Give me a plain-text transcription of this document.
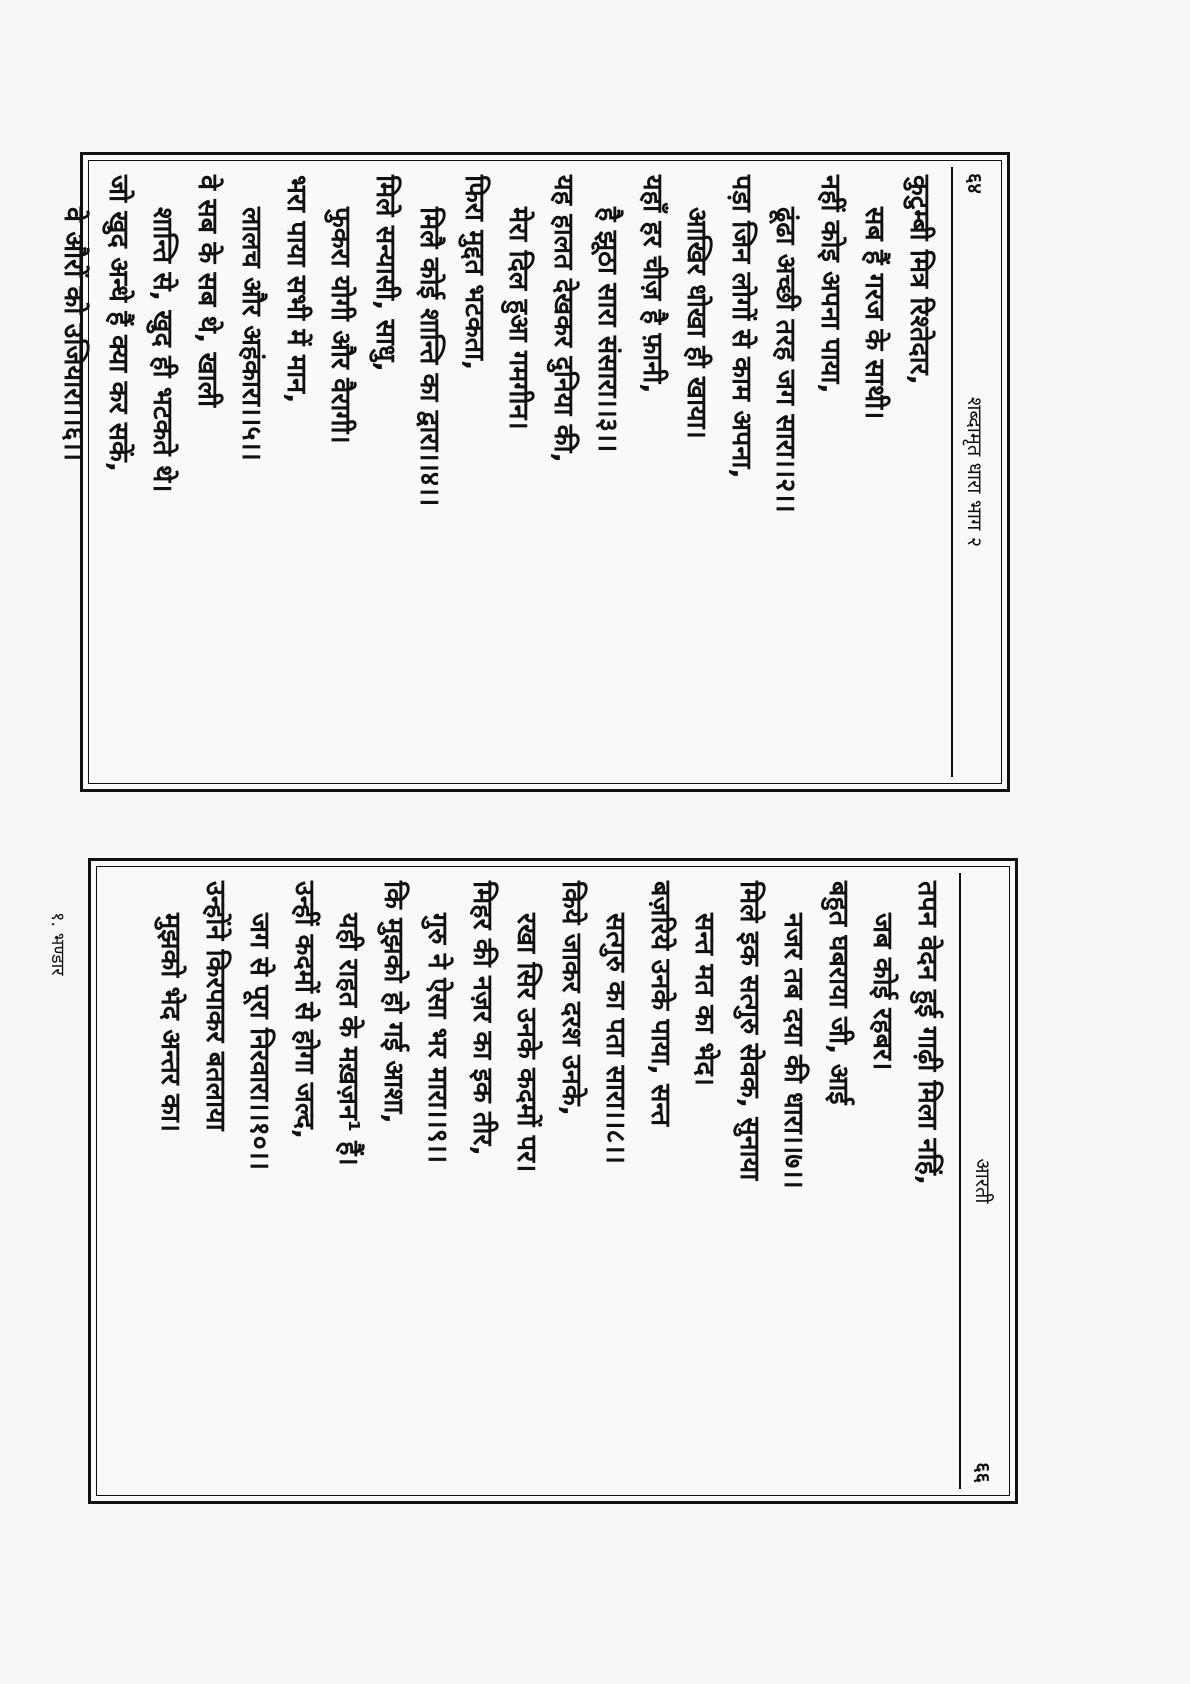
६४
शब्दामृत धारा भाग २
कुटुम्बी मित्र रिश्तेदार,
सब हैं गरज के साथी।
नहीं कोइ अपना पाया,
ढूंढा अच्छी तरह जग सारा।।२।।
पड़ा जिन लोगों से काम अपना,
आखिर धोखा ही खाया।
यहाँ हर चीज़ है फ़ानी,
है झूठा सारा संसारा।।३।।
यह हालत देखकर दुनिया की,
मेरा दिल हुआ गमगीन।
फिरा मुद्दत भटकता,
मिलै कोई शान्ति का द्वारा।।४।।
मिले सन्यासी, साधु,
फुकरा योगी और वैरागी।
भरा पाया सभी में मान,
लालच और अहंकारा।।५।।
वे सब के सब थे, खाली
शान्ति से, खुद ही भटकते थे।
जो खुद अन्धे हैं क्या कर सकें,
वे औरों को उजियारा।।६।।
६६
आरती
तपन वेदन हुई गाढ़ी मिला नहिं,
जब कोई रहबर।
बहुत घबराया जी, आई
नजर तब दया की धारा।।७।।
मिले इक सत्गुरु सेवक, सुनाया
सन्त मत का भेद।
बज़रिये उनके पाया, सन्त
सत्गुरु का पता सारा।।८।।
किये जाकर दरश उनके,
रखा सिर उनके कदमों पर।
मिहर की नज़र का इक तीर,
गुरु ने ऐसा भर मारा।।९।।
कि मुझको हो गई आशा,
यही राहत के मख़ज़न¹ हैं।
उन्हीं कदमों से होगा जल्द,
जग से पूरा निरवारा।।१०।।
उन्होंने किरपाकर बतलाया
मुझको भेद अन्तर का।
१. भण्डार
